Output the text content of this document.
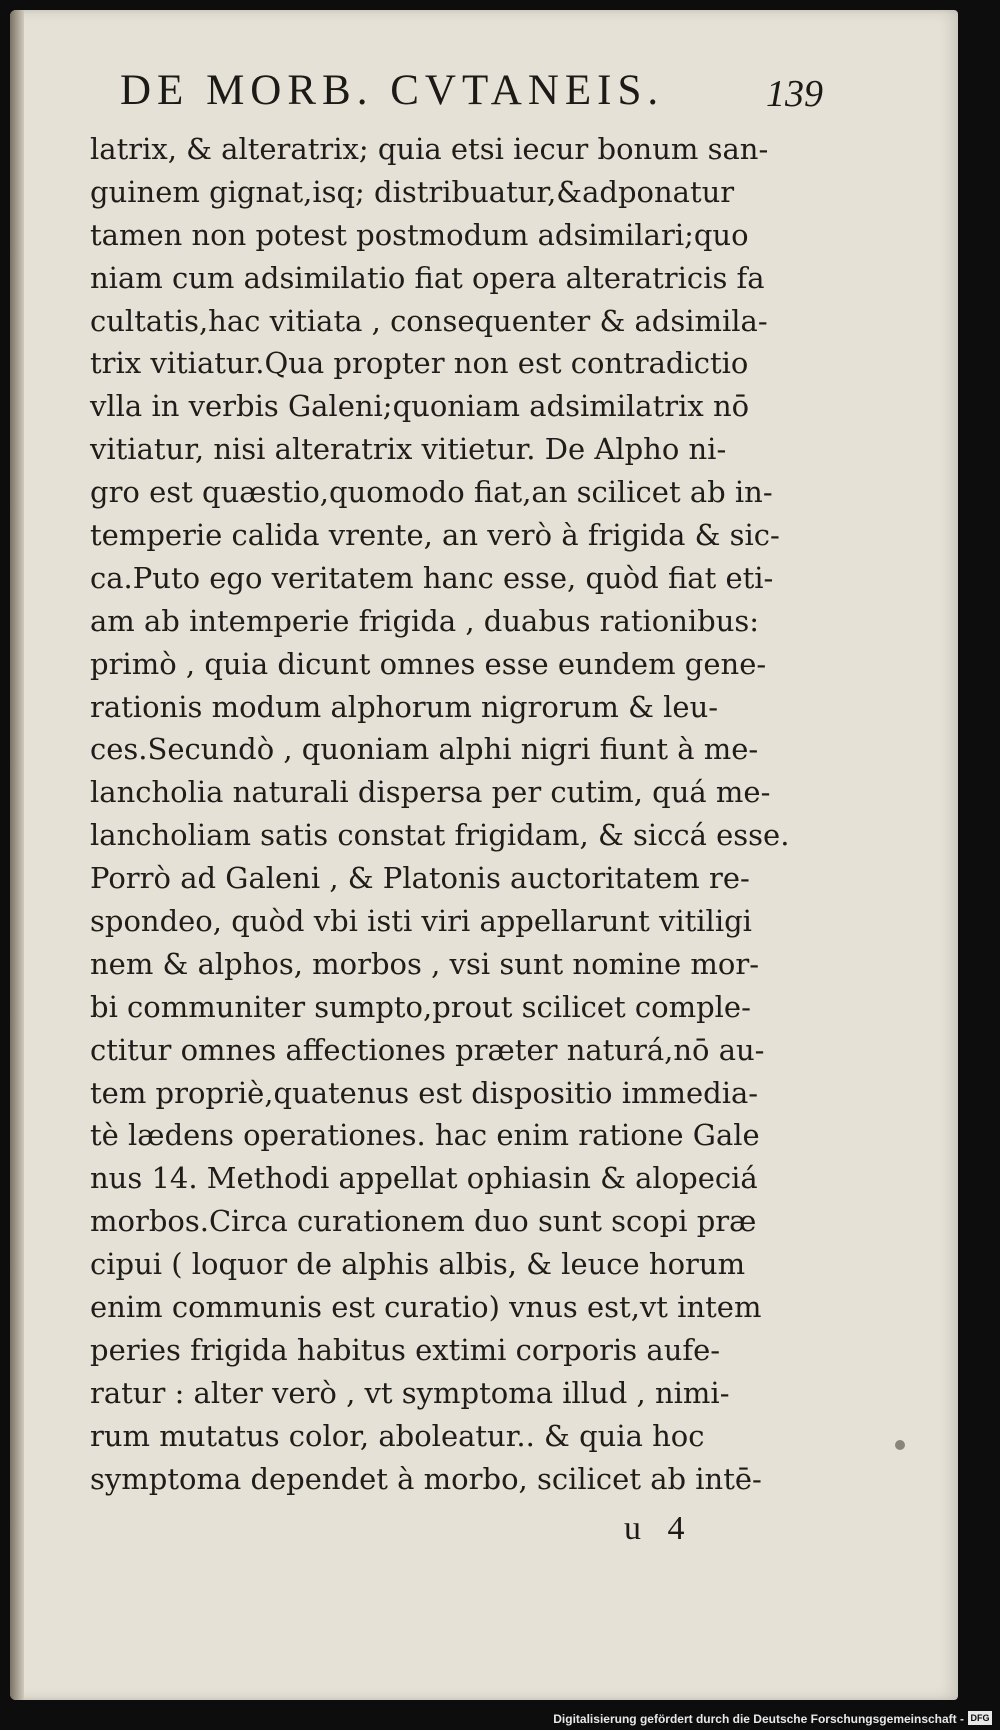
DE MORB. CVTANEIS.	139
latrix, & alteratrix; quia etsi iecur bonum san-
guinem gignat,isq; distribuatur,&adponatur
tamen non potest postmodum adsimilari;quo
niam cum adsimilatio fiat opera alteratricis fa
cultatis,hac vitiata , consequenter & adsimila-
trix vitiatur.Qua propter non est contradictio
vlla in verbis Galeni;quoniam adsimilatrix nō
vitiatur, nisi alteratrix vitietur. De Alpho ni-
gro est quæstio,quomodo fiat,an scilicet ab in-
temperie calida vrente, an verò à frigida & sic-
ca.Puto ego veritatem hanc esse, quòd fiat eti-
am ab intemperie frigida , duabus rationibus:
primò , quia dicunt omnes esse eundem gene-
rationis modum alphorum nigrorum & leu-
ces.Secundò , quoniam alphi nigri fiunt à me-
lancholia naturali dispersa per cutim, quá me-
lancholiam satis constat frigidam, & siccá esse.
Porrò ad Galeni , & Platonis auctoritatem re-
spondeo, quòd vbi isti viri appellarunt vitiligi
nem & alphos, morbos , vsi sunt nomine mor-
bi communiter sumpto,prout scilicet comple-
ctitur omnes affectiones præter naturá,nō au-
tem propriè,quatenus est dispositio immedia-
tè lædens operationes. hac enim ratione Gale
nus 14. Methodi appellat ophiasin & alopeciá
morbos.Circa curationem duo sunt scopi præ
cipui ( loquor de alphis albis, & leuce horum
enim communis est curatio) vnus est,vt intem
peries frigida habitus extimi corporis aufe-
ratur : alter verò , vt symptoma illud , nimi-
rum mutatus color, aboleatur.. & quia hoc
symptoma dependet à morbo, scilicet ab intē-
u 4
Digitalisierung gefördert durch die Deutsche Forschungsgemeinschaft - DFG
